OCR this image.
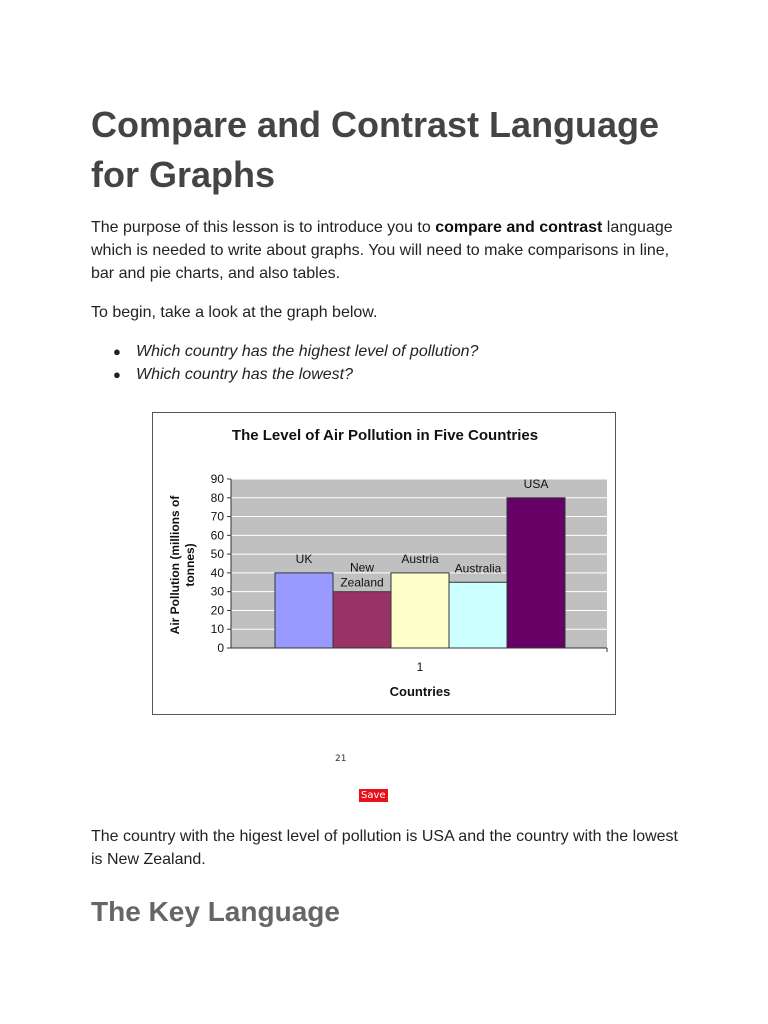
Compare and Contrast Language for Graphs

The purpose of this lesson is to introduce you to compare and contrast language which is needed to write about graphs. You will need to make comparisons in line, bar and pie charts, and also tables.

To begin, take a look at the graph below.

● Which country has the highest level of pollution?
● Which country has the lowest?
The Level of Air Pollution in Five Countries
0
10
20
30
40
50
60
70
80
90
UK
New
Zealand
Austria
Australia
USA
1
Countries
Air Pollution (millions oftonnes)
21
Save

The country with the higest level of pollution is USA and the country with the lowest is New Zealand.

The Key Language
